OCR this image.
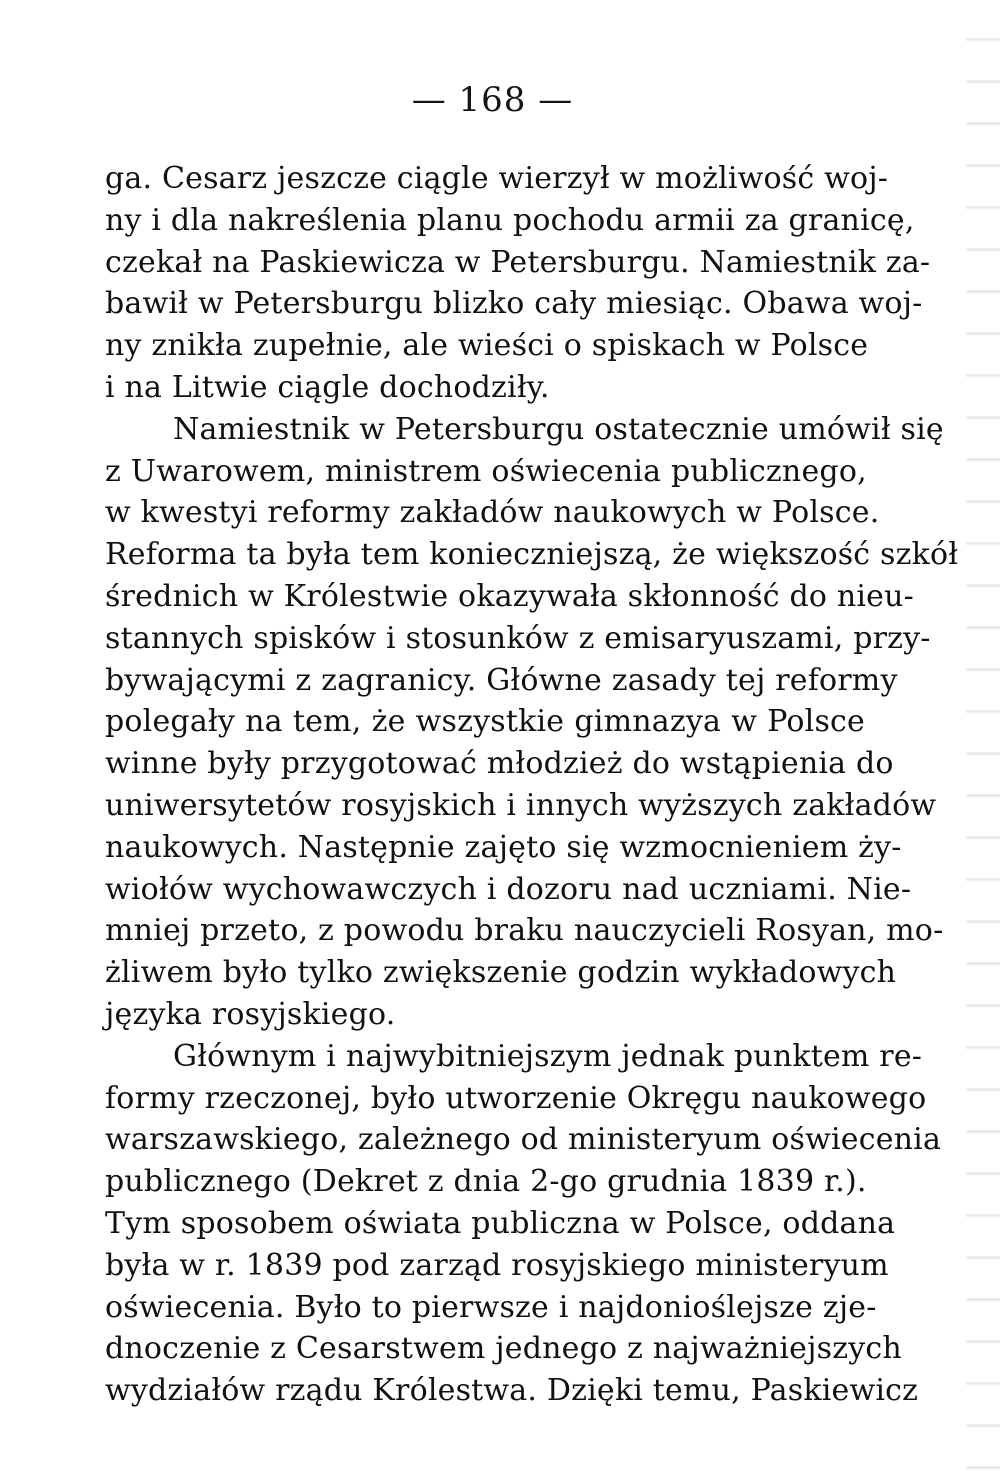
— 168 —
ga. Cesarz jeszcze ciągle wierzył w możliwość woj-
ny i dla nakreślenia planu pochodu armii za granicę,
czekał na Paskiewicza w Petersburgu. Namiestnik za-
bawił w Petersburgu blizko cały miesiąc. Obawa woj-
ny znikła zupełnie, ale wieści o spiskach w Polsce
i na Litwie ciągle dochodziły.
Namiestnik w Petersburgu ostatecznie umówił się
z Uwarowem, ministrem oświecenia publicznego,
w kwestyi reformy zakładów naukowych w Polsce.
Reforma ta była tem konieczniejszą, że większość szkół
średnich w Królestwie okazywała skłonność do nieu-
stannych spisków i stosunków z emisaryuszami, przy-
bywającymi z zagranicy. Główne zasady tej reformy
polegały na tem, że wszystkie gimnazya w Polsce
winne były przygotować młodzież do wstąpienia do
uniwersytetów rosyjskich i innych wyższych zakładów
naukowych. Następnie zajęto się wzmocnieniem ży-
wiołów wychowawczych i dozoru nad uczniami. Nie-
mniej przeto, z powodu braku nauczycieli Rosyan, mo-
żliwem było tylko zwiększenie godzin wykładowych
języka rosyjskiego.
Głównym i najwybitniejszym jednak punktem re-
formy rzeczonej, było utworzenie Okręgu naukowego
warszawskiego, zależnego od ministeryum oświecenia
publicznego (Dekret z dnia 2-go grudnia 1839 r.).
Tym sposobem oświata publiczna w Polsce, oddana
była w r. 1839 pod zarząd rosyjskiego ministeryum
oświecenia. Było to pierwsze i najdonioślejsze zje-
dnoczenie z Cesarstwem jednego z najważniejszych
wydziałów rządu Królestwa. Dzięki temu, Paskiewicz
